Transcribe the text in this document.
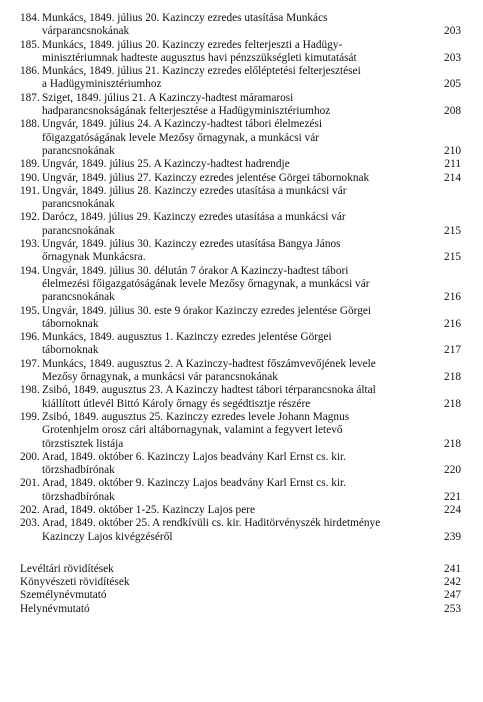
184. Munkács, 1849. július 20. Kazinczy ezredes utasítása Munkács
várparancsnokának	203
185. Munkács, 1849. július 20. Kazinczy ezredes felterjeszti a Hadügy-
minisztériumnak hadteste augusztus havi pénzszükségleti kimutatását	203
186. Munkács, 1849. július 21. Kazinczy ezredes előléptetési felterjesztései
a Hadügyminisztériumhoz	205
187. Sziget, 1849. július 21. A Kazinczy-hadtest máramarosi
hadparancsnokságának felterjesztése a Hadügyminisztériumhoz	208
188. Ungvár, 1849. július 24. A Kazinczy-hadtest tábori élelmezési
főigazgatóságának levele Mezősy őrnagynak, a munkácsi vár
parancsnokának	210
189. Ungvár, 1849. július 25. A Kazinczy-hadtest hadrendje	211
190. Ungvár, 1849. július 27. Kazinczy ezredes jelentése Görgei tábornoknak	214
191. Ungvár, 1849. július 28. Kazinczy ezredes utasítása a munkácsi vár
parancsnokának
192. Darócz, 1849. július 29. Kazinczy ezredes utasítása a munkácsi vár
parancsnokának	215
193. Ungvár, 1849. július 30. Kazinczy ezredes utasítása Bangya János
őrnagynak Munkácsra.	215
194. Ungvár, 1849. július 30. délután 7 órakor A Kazinczy-hadtest tábori
élelmezési főigazgatóságának levele Mezősy őrnagynak, a munkácsi vár
parancsnokának	216
195. Ungvár, 1849. július 30. este 9 órakor Kazinczy ezredes jelentése Görgei
tábornoknak	216
196. Munkács, 1849. augusztus 1. Kazinczy ezredes jelentése Görgei
tábornoknak	217
197. Munkács, 1849. augusztus 2. A Kazinczy-hadtest főszámvevőjének levele
Mezősy őrnagynak, a munkácsi vár parancsnokának	218
198. Zsibó, 1849. augusztus 23. A Kazinczy hadtest tábori térparancsnoka által
kiállított útlevél Bittó Károly őrnagy és segédtisztje részére	218
199. Zsibó, 1849. augusztus 25. Kazinczy ezredes levele Johann Magnus
Grotenhjelm orosz cári altábornagynak, valamint a fegyvert letevő
törzstisztek listája	218
200. Arad, 1849. október 6. Kazinczy Lajos beadvány Karl Ernst cs. kir.
törzshadbírónak	220
201. Arad, 1849. október 9. Kazinczy Lajos beadvány Karl Ernst cs. kir.
törzshadbírónak	221
202. Arad, 1849. október 1-25. Kazinczy Lajos pere	224
203. Arad, 1849. október 25. A rendkívüli cs. kir. Haditörvényszék hirdetménye
Kazinczy Lajos kivégzéséről	239
Levéltári rövidítések	241
Könyvészeti rövidítések	242
Személynévmutató	247
Helynévmutató	253
